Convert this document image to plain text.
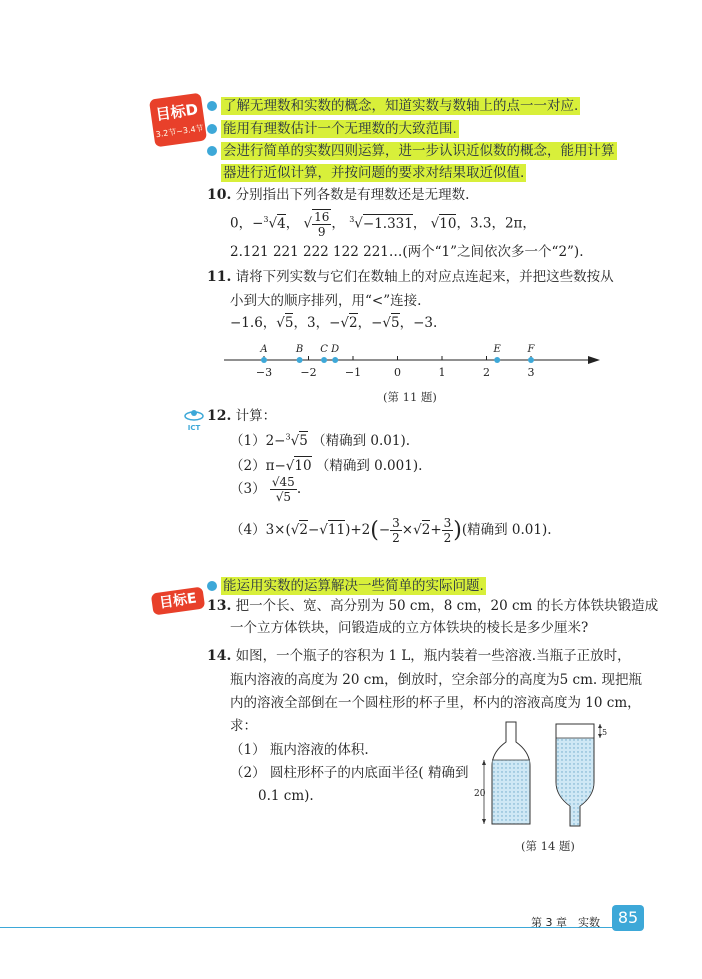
目标D
3.2节~3.4节
了解无理数和实数的概念，知道实数与数轴上的点一一对应.
能用有理数估计一个无理数的大致范围.
会进行简单的实数四则运算，进一步认识近似数的概念，能用计算
器进行近似计算，并按问题的要求对结果取近似值.
10. 分别指出下列各数是有理数还是无理数.
0，−$^3$√4， √ $\frac{16}{9}$ ， $^3$√−1.331， √10，3.3，2π，
2.121 221 222 122 221…(两个“1”之间依次多一个“2”).
11. 请将下列实数与它们在数轴上的对应点连起来，并把这些数按从
小到大的顺序排列，用“<”连接.
−1.6，√5，3，−√2，−√5，−3.
−3	−2	−1	0	1	2	3
A	B C D	E	F
(第 11 题)
ICT
12. 计算：
（1）2−$^3$√5 （精确到 0.01).
（2）π−√10 （精确到 0.001).
$(3) \frac{√45}{√5}$ .
$(4)3\times(√2-√11)+2(- \frac{3}{2} \times√2+ \frac{3}{2}$ )(精确到 0.01).
目标E
能运用实数的运算解决一些简单的实际问题.
13. 把一个长、宽、高分别为 50 cm，8 cm，20 cm 的长方体铁块锻造成
一个立方体铁块，问锻造成的立方体铁块的棱长是多少厘米?
14. 如图，一个瓶子的容积为 1 L，瓶内装着一些溶液.当瓶子正放时，
瓶内溶液的高度为 20 cm，倒放时，空余部分的高度为5 cm. 现把瓶
内的溶液全部倒在一个圆柱形的杯子里，杯内的溶液高度为 10 cm，
求：
（1） 瓶内溶液的体积.
（2） 圆柱形杯子的内底面半径( 精确到
0.1 cm).	20
5
(第 14 题)
第 3 章　实数	85
